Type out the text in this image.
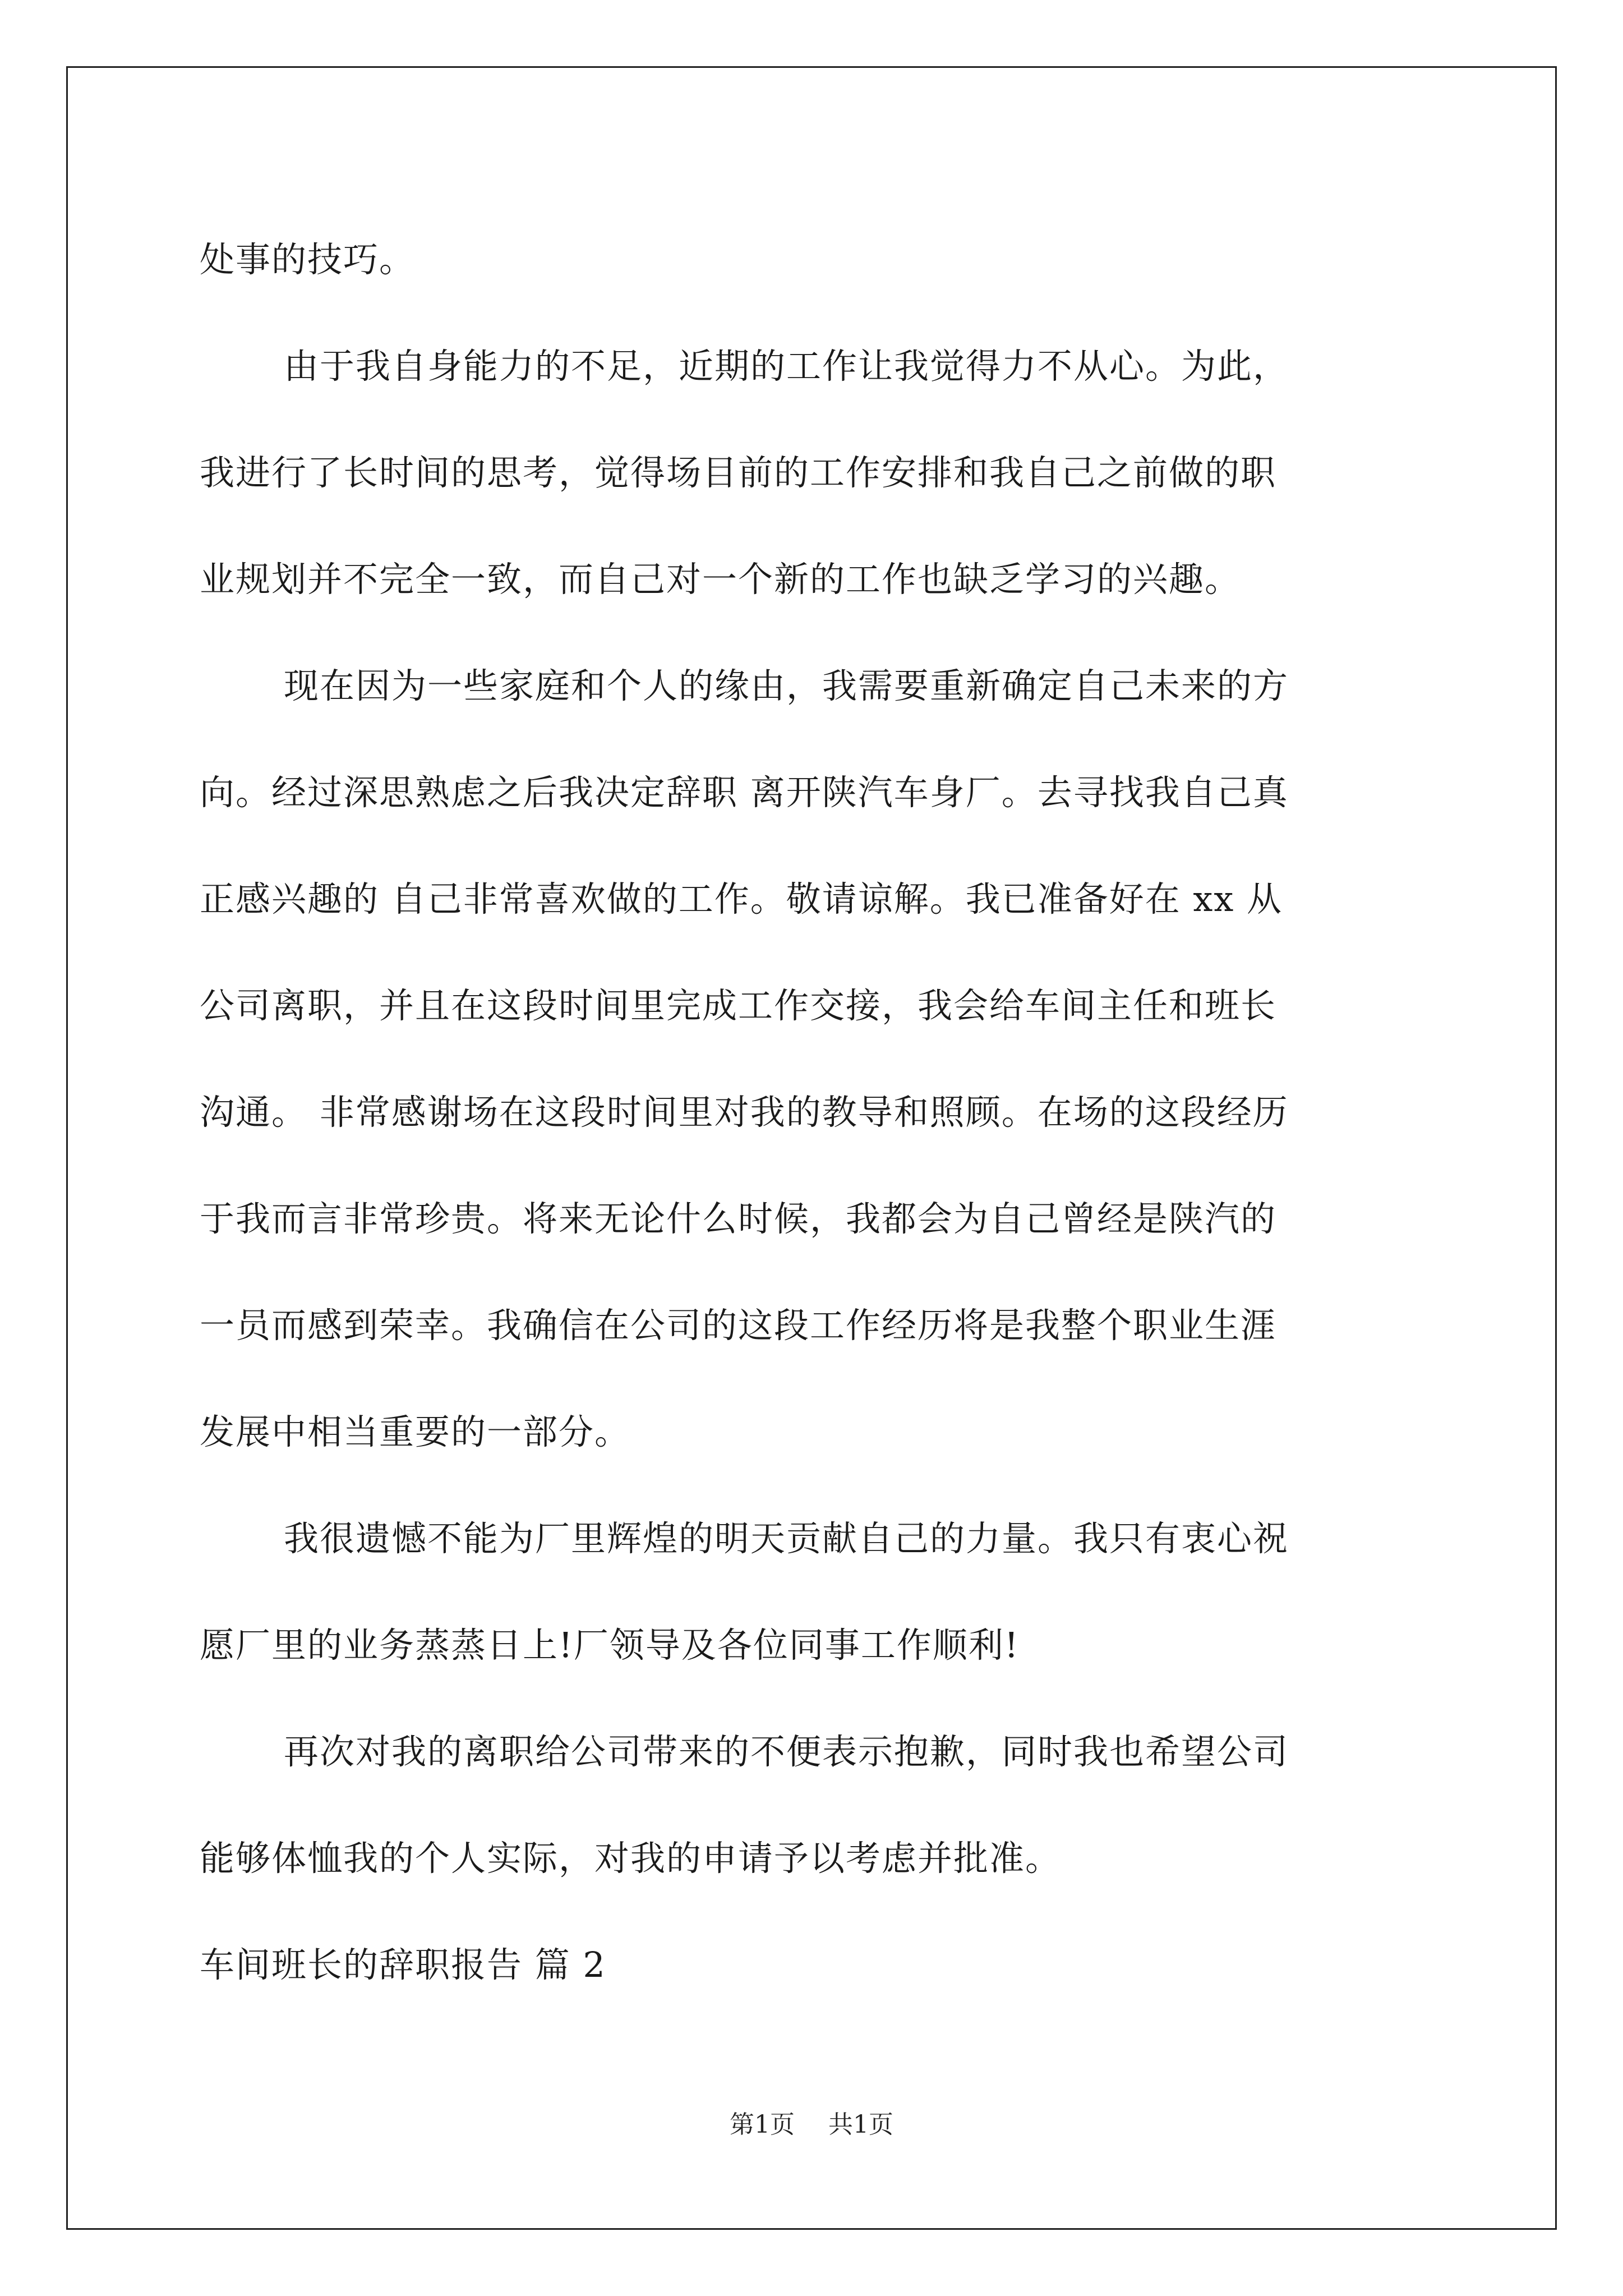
处事的技巧。
由于我自身能力的不足，近期的工作让我觉得力不从心。为此，
我进行了长时间的思考，觉得场目前的工作安排和我自己之前做的职
业规划并不完全一致，而自己对一个新的工作也缺乏学习的兴趣。
现在因为一些家庭和个人的缘由，我需要重新确定自己未来的方
向。经过深思熟虑之后我决定辞职 离开陕汽车身厂。去寻找我自己真
正感兴趣的 自己非常喜欢做的工作。敬请谅解。我已准备好在 xx 从
公司离职，并且在这段时间里完成工作交接，我会给车间主任和班长
沟通。 非常感谢场在这段时间里对我的教导和照顾。在场的这段经历
于我而言非常珍贵。将来无论什么时候，我都会为自己曾经是陕汽的
一员而感到荣幸。我确信在公司的这段工作经历将是我整个职业生涯
发展中相当重要的一部分。
我很遗憾不能为厂里辉煌的明天贡献自己的力量。我只有衷心祝
愿厂里的业务蒸蒸日上!厂领导及各位同事工作顺利!
再次对我的离职给公司带来的不便表示抱歉，同时我也希望公司
能够体恤我的个人实际，对我的申请予以考虑并批准。
车间班长的辞职报告 篇 2
第1页 共1页
